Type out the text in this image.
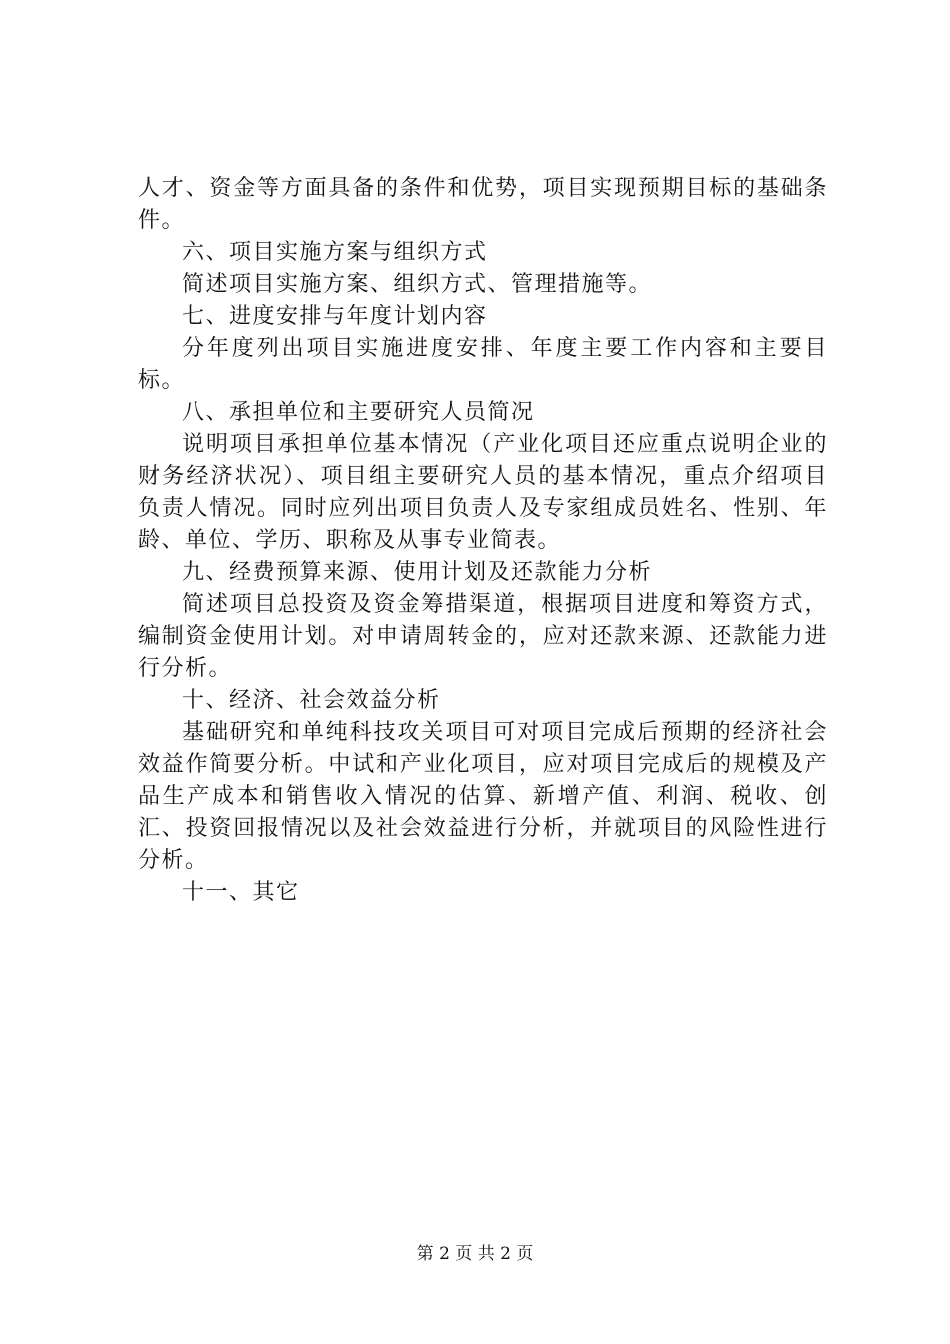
人才、资金等方面具备的条件和优势，项目实现预期目标的基础条件。

六、项目实施方案与组织方式

简述项目实施方案、组织方式、管理措施等。

七、进度安排与年度计划内容

分年度列出项目实施进度安排、年度主要工作内容和主要目标。

八、承担单位和主要研究人员简况

说明项目承担单位基本情况（产业化项目还应重点说明企业的财务经济状况）、项目组主要研究人员的基本情况，重点介绍项目负责人情况。同时应列出项目负责人及专家组成员姓名、性别、年龄、单位、学历、职称及从事专业简表。

九、经费预算来源、使用计划及还款能力分析

简述项目总投资及资金筹措渠道，根据项目进度和筹资方式，编制资金使用计划。对申请周转金的，应对还款来源、还款能力进行分析。

十、经济、社会效益分析

基础研究和单纯科技攻关项目可对项目完成后预期的经济社会效益作简要分析。中试和产业化项目，应对项目完成后的规模及产品生产成本和销售收入情况的估算、新增产值、利润、税收、创汇、投资回报情况以及社会效益进行分析，并就项目的风险性进行分析。

十一、其它

第 2 页 共 2 页
